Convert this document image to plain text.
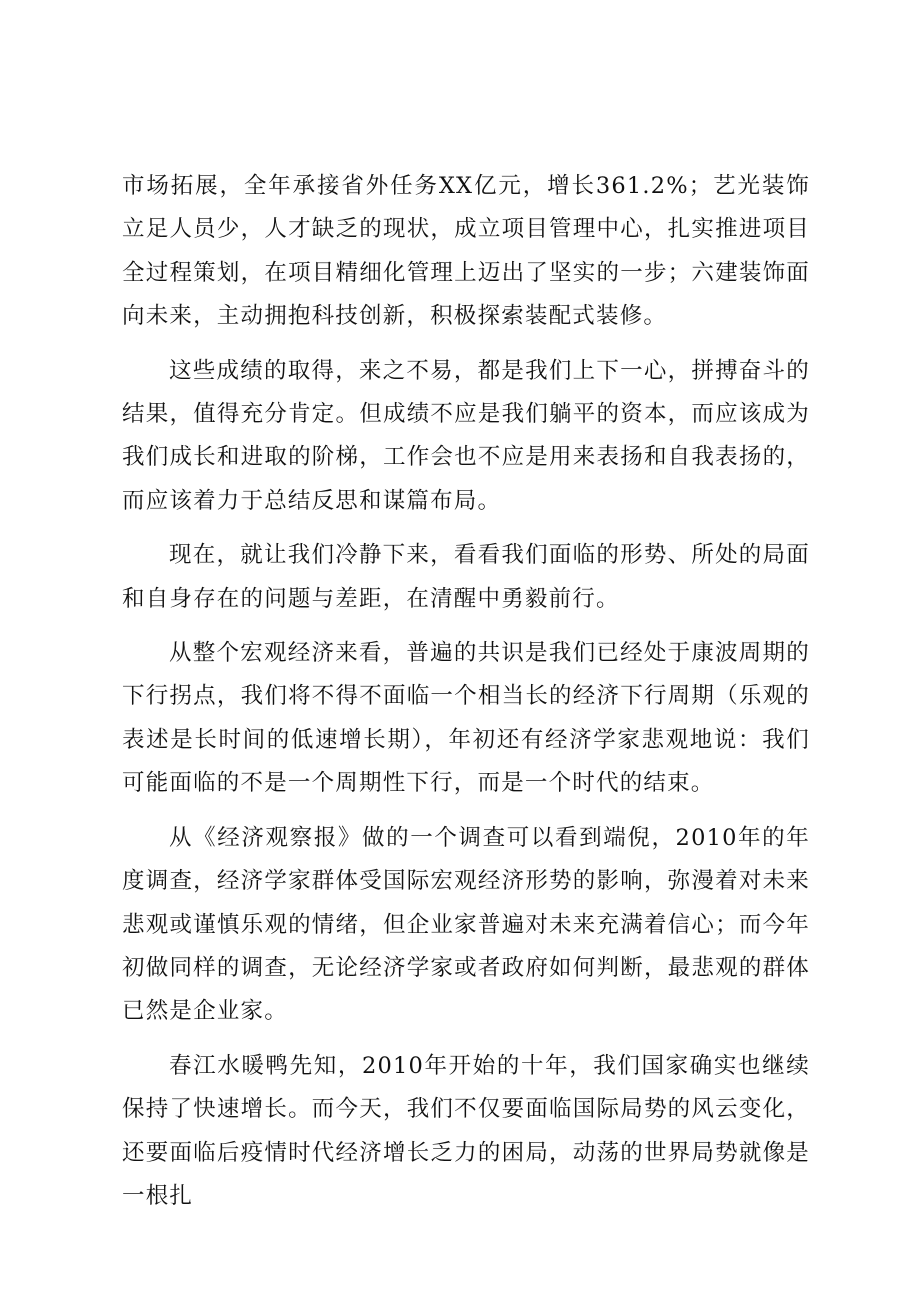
市场拓展，全年承接省外任务XX亿元，增长361.2%；艺光装饰立足人员少，人才缺乏的现状，成立项目管理中心，扎实推进项目全过程策划，在项目精细化管理上迈出了坚实的一步；六建装饰面向未来，主动拥抱科技创新，积极探索装配式装修。

这些成绩的取得，来之不易，都是我们上下一心，拼搏奋斗的结果，值得充分肯定。但成绩不应是我们躺平的资本，而应该成为我们成长和进取的阶梯，工作会也不应是用来表扬和自我表扬的，而应该着力于总结反思和谋篇布局。

现在，就让我们冷静下来，看看我们面临的形势、所处的局面和自身存在的问题与差距，在清醒中勇毅前行。

从整个宏观经济来看，普遍的共识是我们已经处于康波周期的下行拐点，我们将不得不面临一个相当长的经济下行周期（乐观的表述是长时间的低速增长期），年初还有经济学家悲观地说：我们可能面临的不是一个周期性下行，而是一个时代的结束。

从《经济观察报》做的一个调查可以看到端倪，2010年的年度调查，经济学家群体受国际宏观经济形势的影响，弥漫着对未来悲观或谨慎乐观的情绪，但企业家普遍对未来充满着信心；而今年初做同样的调查，无论经济学家或者政府如何判断，最悲观的群体已然是企业家。

春江水暖鸭先知，2010年开始的十年，我们国家确实也继续保持了快速增长。而今天，我们不仅要面临国际局势的风云变化，还要面临后疫情时代经济增长乏力的困局，动荡的世界局势就像是一根扎
